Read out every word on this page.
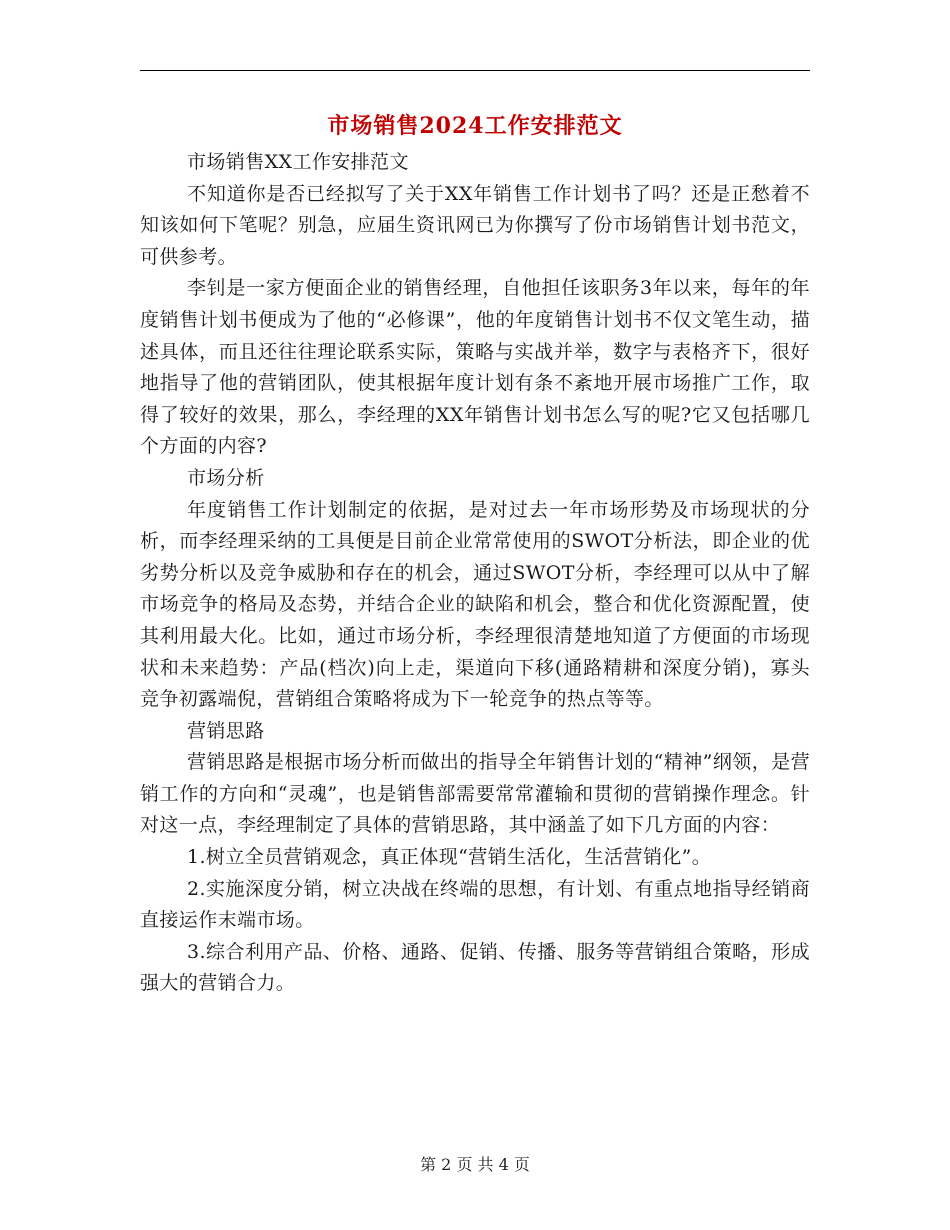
市场销售2024工作安排范文

市场销售XX工作安排范文

不知道你是否已经拟写了关于XX年销售工作计划书了吗？还是正愁着不知该如何下笔呢？别急，应届生资讯网已为你撰写了份市场销售计划书范文，可供参考。

李钊是一家方便面企业的销售经理，自他担任该职务3年以来，每年的年度销售计划书便成为了他的“必修课”，他的年度销售计划书不仅文笔生动，描述具体，而且还往往理论联系实际，策略与实战并举，数字与表格齐下，很好地指导了他的营销团队，使其根据年度计划有条不紊地开展市场推广工作，取得了较好的效果，那么，李经理的XX年销售计划书怎么写的呢?它又包括哪几个方面的内容?

市场分析

年度销售工作计划制定的依据，是对过去一年市场形势及市场现状的分析，而李经理采纳的工具便是目前企业常常使用的SWOT分析法，即企业的优劣势分析以及竞争威胁和存在的机会，通过SWOT分析，李经理可以从中了解市场竞争的格局及态势，并结合企业的缺陷和机会，整合和优化资源配置，使其利用最大化。比如，通过市场分析，李经理很清楚地知道了方便面的市场现状和未来趋势：产品(档次)向上走，渠道向下移(通路精耕和深度分销)，寡头竞争初露端倪，营销组合策略将成为下一轮竞争的热点等等。

营销思路

营销思路是根据市场分析而做出的指导全年销售计划的“精神”纲领，是营销工作的方向和“灵魂”，也是销售部需要常常灌输和贯彻的营销操作理念。针对这一点，李经理制定了具体的营销思路，其中涵盖了如下几方面的内容：

1.树立全员营销观念，真正体现“营销生活化，生活营销化”。

2.实施深度分销，树立决战在终端的思想，有计划、有重点地指导经销商直接运作末端市场。

3.综合利用产品、价格、通路、促销、传播、服务等营销组合策略，形成强大的营销合力。

第 2 页 共 4 页
